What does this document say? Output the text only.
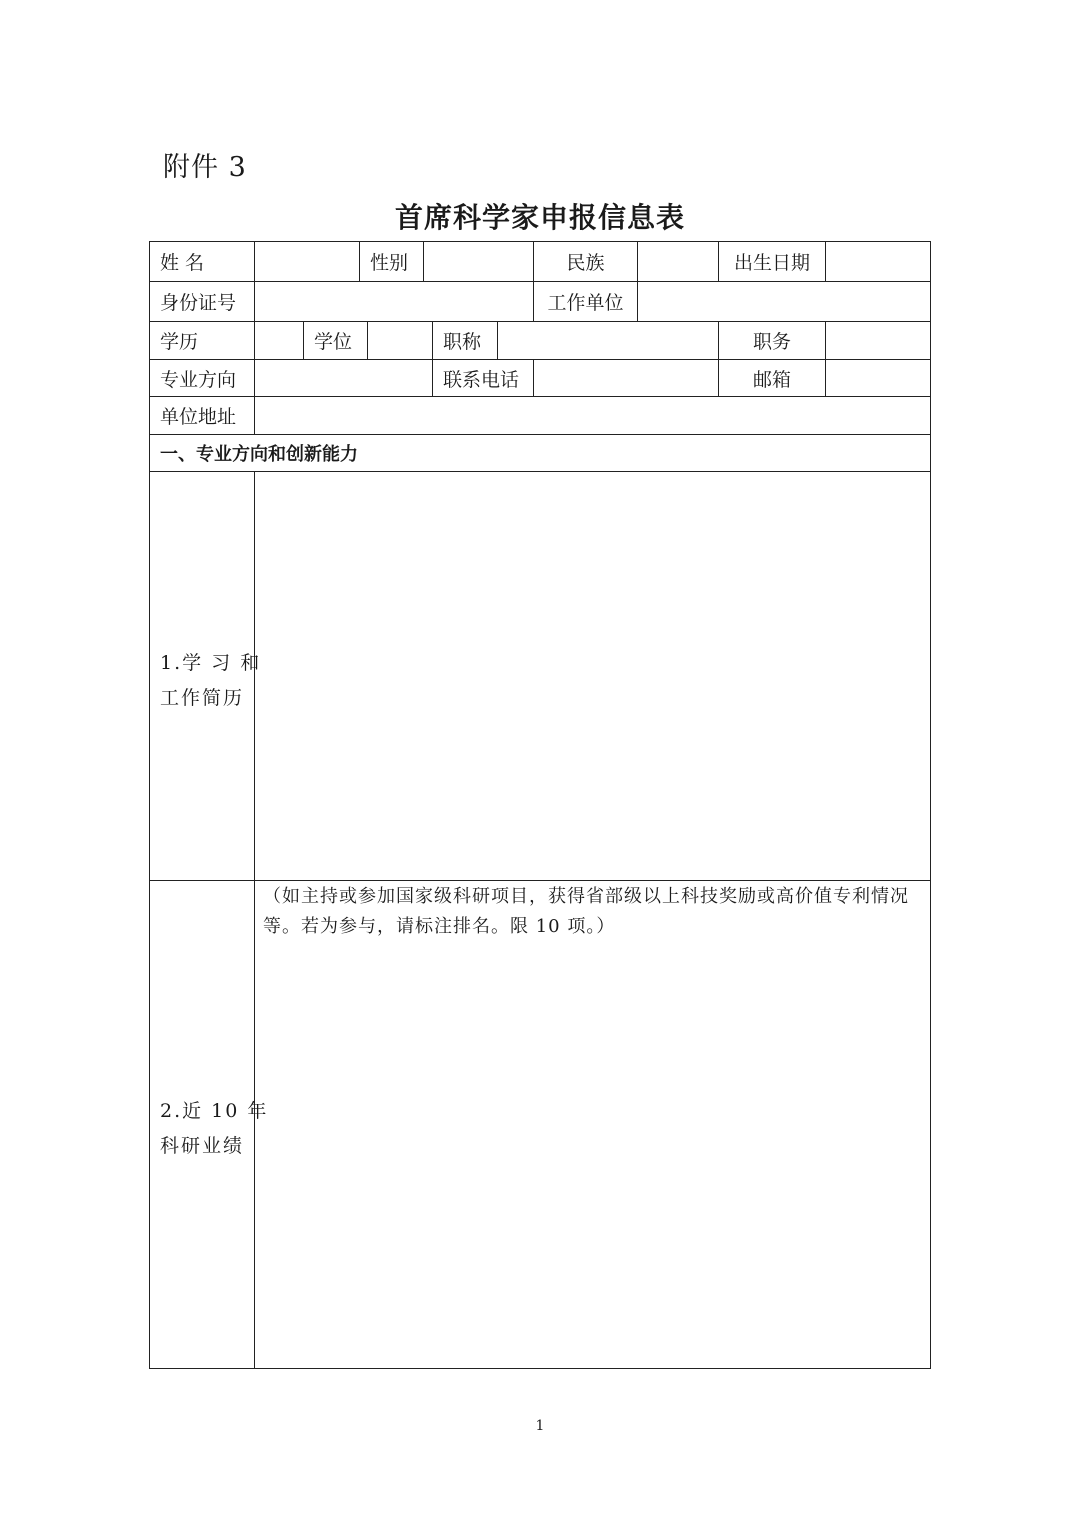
附件 3
首席科学家申报信息表
姓 名	性别	民族	出生日期
身份证号	工作单位
学历	学位	职称	职务
专业方向	联系电话	邮箱
单位地址
一、专业方向和创新能力
1.学 习 和
工作简历
2.近 10 年
科研业绩
（如主持或参加国家级科研项目，获得省部级以上科技奖励或高价值专利情况
等。若为参与，请标注排名。限 10 项。）
1
